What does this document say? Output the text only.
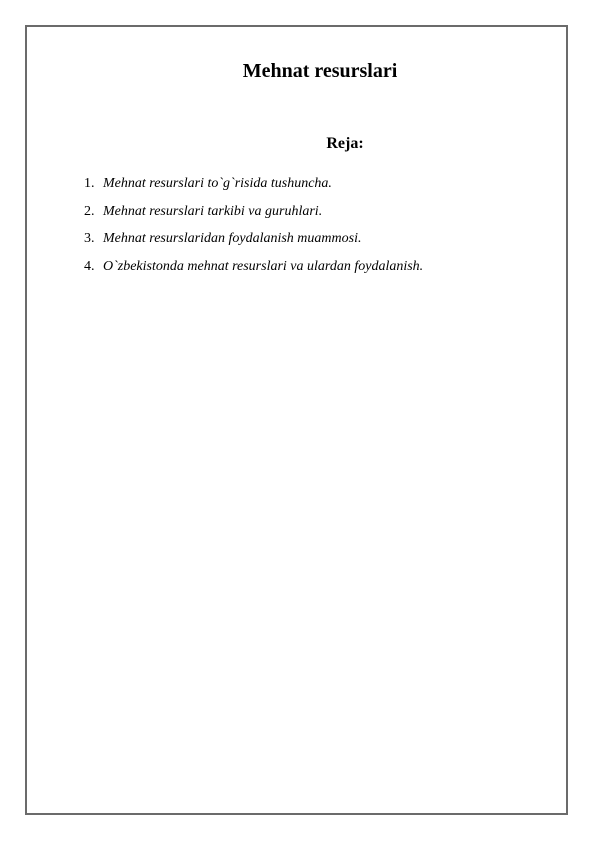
Mehnat resurslari
Reja:
1. Mehnat resurslari to`g`risida tushuncha.
2. Mehnat resurslari tarkibi va guruhlari.
3. Mehnat resurslaridan foydalanish muammosi.
4. O`zbekistonda mehnat resurslari va ulardan foydalanish.
